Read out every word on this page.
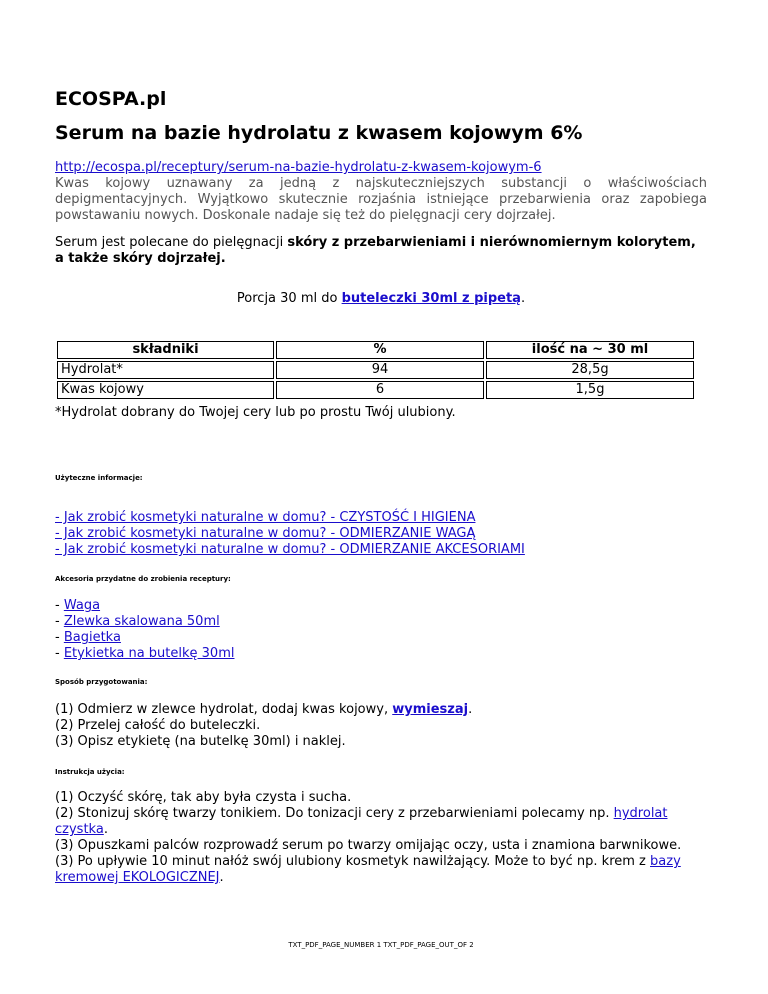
ECOSPA.pl
Serum na bazie hydrolatu z kwasem kojowym 6%
http://ecospa.pl/receptury/serum-na-bazie-hydrolatu-z-kwasem-kojowym-6
Kwas kojowy uznawany za jedną z najskuteczniejszych substancji o właściwościach depigmentacyjnych. Wyjątkowo skutecznie rozjaśnia istniejące przebarwienia oraz zapobiega powstawaniu nowych. Doskonale nadaje się też do pielęgnacji cery dojrzałej.
Serum jest polecane do pielęgnacji skóry z przebarwieniami i nierównomiernym kolorytem, a także skóry dojrzałej.
Porcja 30 ml do buteleczki 30ml z pipetą.
składniki	%	ilość na ~ 30 ml
Hydrolat*	94	28,5g
Kwas kojowy	6	1,5g
*Hydrolat dobrany do Twojej cery lub po prostu Twój ulubiony.
Użyteczne informacje:
- Jak zrobić kosmetyki naturalne w domu? - CZYSTOŚĆ I HIGIENA
- Jak zrobić kosmetyki naturalne w domu? - ODMIERZANIE WAGĄ
- Jak zrobić kosmetyki naturalne w domu? - ODMIERZANIE AKCESORIAMI
Akcesoria przydatne do zrobienia receptury:
- Waga
- Zlewka skalowana 50ml
- Bagietka
- Etykietka na butelkę 30ml
Sposób przygotowania:
(1) Odmierz w zlewce hydrolat, dodaj kwas kojowy, wymieszaj.
(2) Przelej całość do buteleczki.
(3) Opisz etykietę (na butelkę 30ml) i naklej.
Instrukcja użycia:
(1) Oczyść skórę, tak aby była czysta i sucha.
(2) Stonizuj skórę twarzy tonikiem. Do tonizacji cery z przebarwieniami polecamy np. hydrolat czystka.
(3) Opuszkami palców rozprowadź serum po twarzy omijając oczy, usta i znamiona barwnikowe.
(3) Po upływie 10 minut nałóż swój ulubiony kosmetyk nawilżający. Może to być np. krem z bazy kremowej EKOLOGICZNEJ.
TXT_PDF_PAGE_NUMBER 1 TXT_PDF_PAGE_OUT_OF 2
